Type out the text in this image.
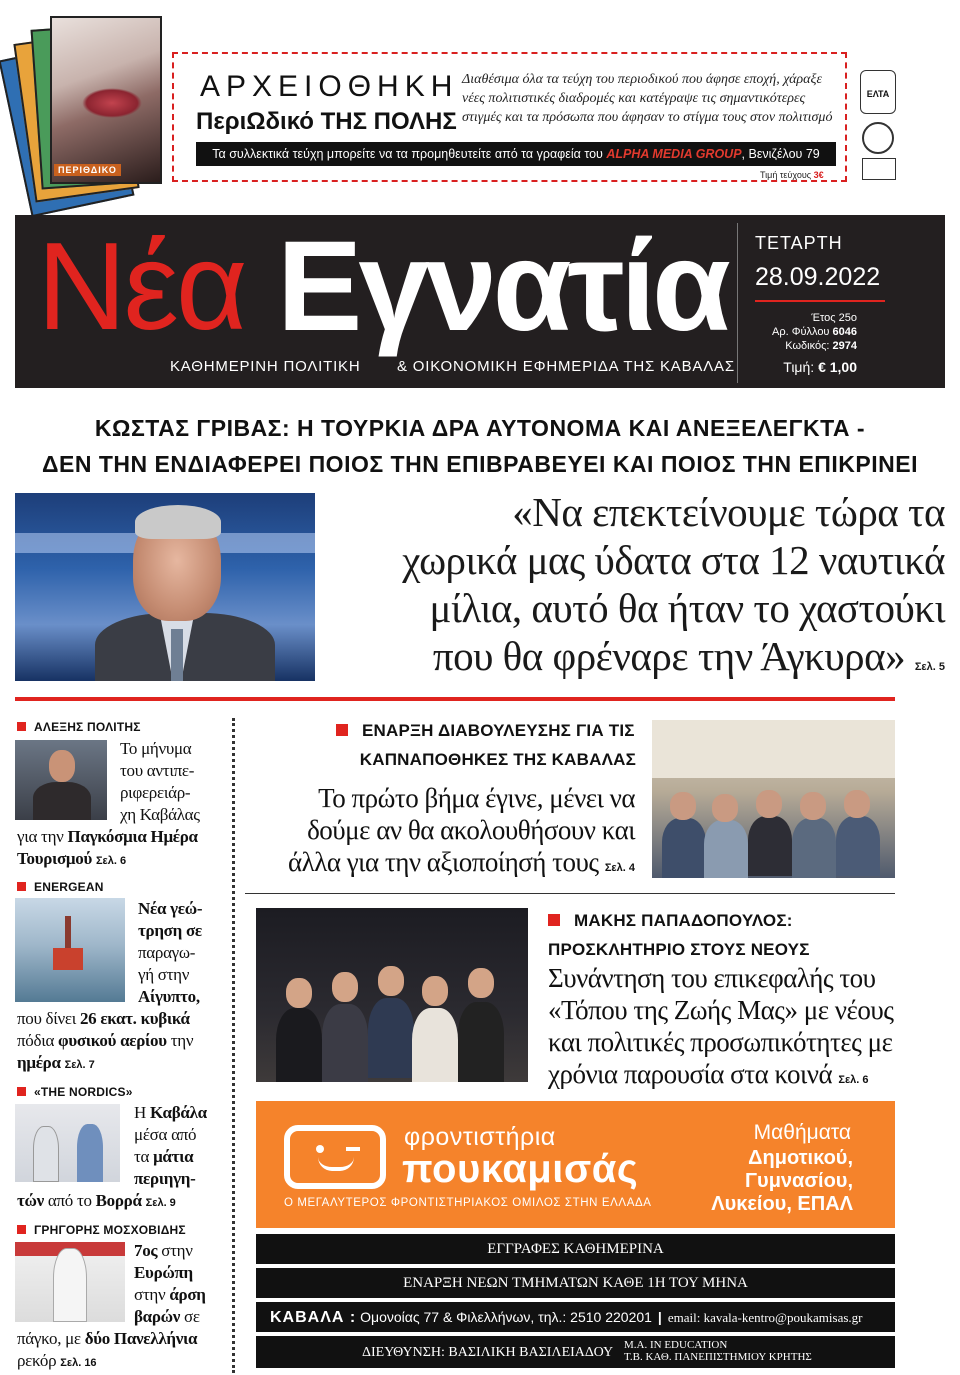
ΠΕΡΙΘΔΙΚΟ
ΑΡΧΕΙΟΘΗΚΗ
ΠεριΩδικό ΤΗΣ ΠΟΛΗΣ
Διαθέσιμα όλα τα τεύχη του περιοδικού που άφησε εποχή, χάραξε νέες πολιτιστικές διαδρομές και κατέγραψε τις σημαντικότερες στιγμές και τα πρόσωπα που άφησαν το στίγμα τους στον πολιτισμό
Τα συλλεκτικά τεύχη μπορείτε να τα προμηθευτείτε από τα γραφεία του ALPHA MEDIA GROUP, Βενιζέλου 79
Τιμή τεύχους 3€
ΕΛΤΑ
Νέα Εγνατία
ΚΑΘΗΜΕΡΙΝΗ ΠΟΛΙΤΙΚΗ & ΟΙΚΟΝΟΜΙΚΗ ΕΦΗΜΕΡΙΔΑ ΤΗΣ ΚΑΒΑΛΑΣ
ΤΕΤΑΡΤΗ
28.09.2022
Έτος 25ο
Αρ. Φύλλου 6046
Κωδικός: 2974
Τιμή: € 1,00
ΚΩΣΤΑΣ ΓΡΙΒΑΣ: Η ΤΟΥΡΚΙΑ ΔΡΑ ΑΥΤΟΝΟΜΑ ΚΑΙ ΑΝΕΞΕΛΕΓΚΤΑ -
ΔΕΝ ΤΗΝ ΕΝΔΙΑΦΕΡΕΙ ΠΟΙΟΣ ΤΗΝ ΕΠΙΒΡΑΒΕΥΕΙ ΚΑΙ ΠΟΙΟΣ ΤΗΝ ΕΠΙΚΡΙΝΕΙ
«Να επεκτείνουμε τώρα τα
χωρικά μας ύδατα στα 12 ναυτικά
μίλια, αυτό θα ήταν το χαστούκι
που θα φρέναρε την Άγκυρα» Σελ. 5
ΑΛΕΞΗΣ ΠΟΛΙΤΗΣ
Το μήνυμα
του αντιπε-
ριφερειάρ-
χη Καβάλας
για την Παγκόσμια Ημέρα
Τουρισμού Σελ. 6
ENERGEAN
Νέα γεώ-
τρηση σε
παραγω-
γή στην
Αίγυπτο,
που δίνει 26 εκατ. κυβικά
πόδια φυσικού αερίου την
ημέρα Σελ. 7
«THE NORDICS»
Η Καβάλα
μέσα από
τα μάτια
περιηγη-
τών από το Βορρά Σελ. 9
ΓΡΗΓΟΡΗΣ ΜΟΣΧΟΒΙΔΗΣ
7ος στην
Ευρώπη
στην άρση
βαρών σε
πάγκο, με δύο Πανελλήνια
ρεκόρ Σελ. 16
ΕΝΑΡΞΗ ΔΙΑΒΟΥΛΕΥΣΗΣ ΓΙΑ ΤΙΣ
ΚΑΠΝΑΠΟΘΗΚΕΣ ΤΗΣ ΚΑΒΑΛΑΣ
Το πρώτο βήμα έγινε, μένει να
δούμε αν θα ακολουθήσουν και
άλλα για την αξιοποίησή τους Σελ. 4
ΜΑΚΗΣ ΠΑΠΑΔΟΠΟΥΛΟΣ:
ΠΡΟΣΚΛΗΤΗΡΙΟ ΣΤΟΥΣ ΝΕΟΥΣ
Συνάντηση του επικεφαλής του
«Τόπου της Ζωής Μας» με νέους
και πολιτικές προσωπικότητες με
χρόνια παρουσία στα κοινά Σελ. 6
φροντιστήρια
πουκαμισάς
Ο ΜΕΓΑΛΥΤΕΡΟΣ ΦΡΟΝΤΙΣΤΗΡΙΑΚΟΣ ΟΜΙΛΟΣ ΣΤΗΝ ΕΛΛΑΔΑ
Μαθήματα
Δημοτικού,
Γυμνασίου,
Λυκείου, ΕΠΑΛ
ΕΓΓΡΑΦΕΣ ΚΑΘΗΜΕΡΙΝΑ
ΕΝΑΡΞΗ ΝΕΩΝ ΤΜΗΜΑΤΩΝ ΚΑΘΕ 1Η ΤΟΥ ΜΗΝΑ
ΚΑΒΑΛΑ : Ομονοίας 77 & Φιλελλήνων, τηλ.: 2510 220201 | email: kavala-kentro@poukamisas.gr
ΔΙΕΥΘΥΝΣΗ: ΒΑΣΙΛΙΚΗ ΒΑΣΙΛΕΙΑΔΟΥ M.A. IN EDUCATION
Τ.Β. ΚΑΘ. ΠΑΝΕΠΙΣΤΗΜΙΟΥ ΚΡΗΤΗΣ
